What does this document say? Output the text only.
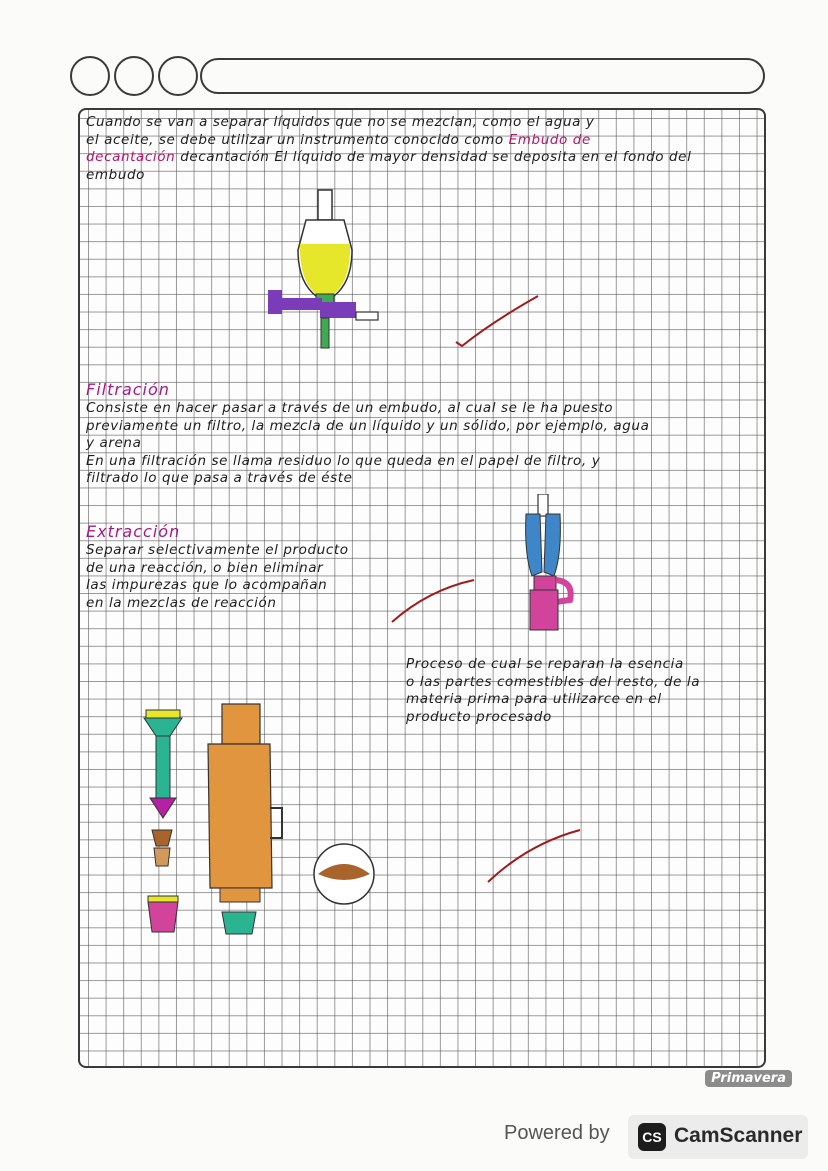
Cuando se van a separar líquidos que no se mezclan, como el agua y
el aceite, se debe utilizar un instrumento conocido como Embudo de
decantación decantación El líquido de mayor densidad se deposita en el fondo del
embudo
Filtración
Consiste en hacer pasar a través de un embudo, al cual se le ha puesto
previamente un filtro, la mezcla de un líquido y un sólido, por ejemplo, agua
y arena
En una filtración se llama residuo lo que queda en el papel de filtro, y
filtrado lo que pasa a través de éste
Extracción
Separar selectivamente el producto
de una reacción, o bien eliminar
las impurezas que lo acompañan
en la mezclas de reacción
Proceso de cual se reparan la esencia
o las partes comestibles del resto, de la
materia prima para utilizarce en el
producto procesado
Primavera
Powered by	CS CamScanner
